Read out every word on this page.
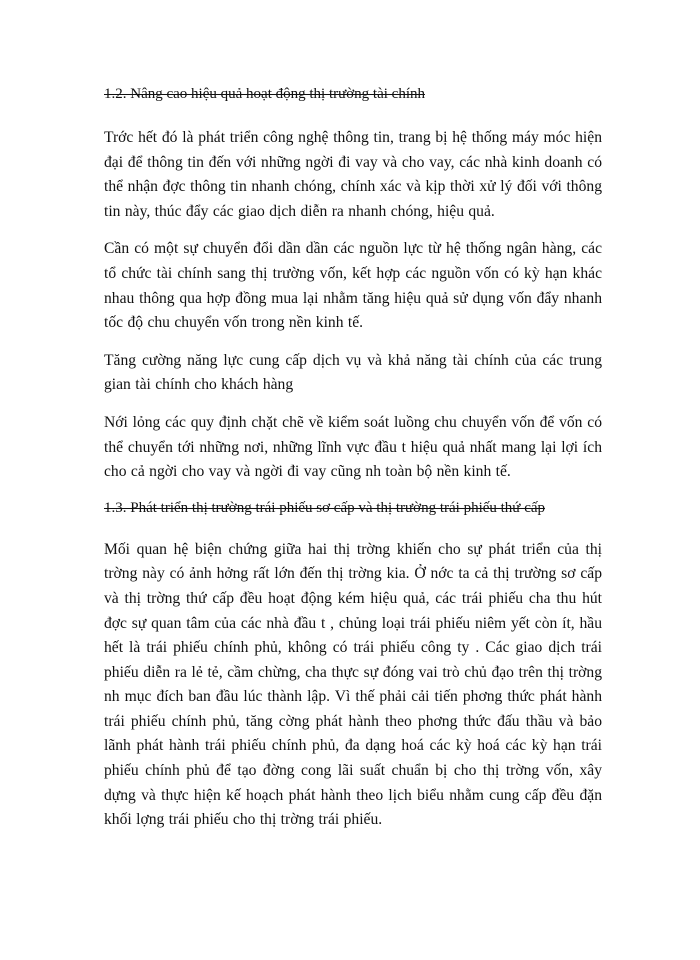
1.2. Nâng cao hiệu quả hoạt động thị trường tài chính

Trớc hết đó là phát triển công nghệ thông tin, trang bị hệ thống máy móc hiện đại để thông tin đến với những ngời đi vay và cho vay, các nhà kinh doanh có thể nhận đợc thông tin nhanh chóng, chính xác và kịp thời xử lý đối với thông tin này, thúc đẩy các giao dịch diễn ra nhanh chóng, hiệu quả.

Cần có một sự chuyển đổi dần dần các nguồn lực từ hệ thống ngân hàng, các tổ chức tài chính sang thị trường vốn, kết hợp các nguồn vốn có kỳ hạn khác nhau thông qua hợp đồng mua lại nhằm tăng hiệu quả sử dụng vốn đẩy nhanh tốc độ chu chuyển vốn trong nền kinh tế.

Tăng cường năng lực cung cấp dịch vụ và khả năng tài chính của các trung gian tài chính cho khách hàng

Nới lỏng các quy định chặt chẽ về kiểm soát luồng chu chuyển vốn để vốn có thể chuyển tới những nơi, những lĩnh vực đầu t hiệu quả nhất mang lại lợi ích cho cả ngời cho vay và ngời đi vay cũng nh toàn bộ nền kinh tế.

1.3. Phát triển thị trường trái phiếu sơ cấp và thị trường trái phiếu thứ cấp

Mối quan hệ biện chứng giữa hai thị trờng khiến cho sự phát triển của thị trờng này có ảnh hởng rất lớn đến thị trờng kia. Ở nớc ta cả thị trường sơ cấp và thị trờng thứ cấp đều hoạt động kém hiệu quả, các trái phiếu cha thu hút đợc sự quan tâm của các nhà đầu t , chủng loại trái phiếu niêm yết còn ít, hầu hết là trái phiếu chính phủ, không có trái phiếu công ty . Các giao dịch trái phiếu diễn ra lẻ tẻ, cầm chừng, cha thực sự đóng vai trò chủ đạo trên thị trờng nh mục đích ban đầu lúc thành lập. Vì thế phải cải tiến phơng thức phát hành trái phiếu chính phủ, tăng cờng phát hành theo phơng thức đấu thầu và bảo lãnh phát hành trái phiếu chính phủ, đa dạng hoá các kỳ hoá các kỳ hạn trái phiếu chính phủ để tạo đờng cong lãi suất chuẩn bị cho thị trờng vốn, xây dựng và thực hiện kế hoạch phát hành theo lịch biểu nhằm cung cấp đều đặn khối lợng trái phiếu cho thị trờng trái phiếu.
